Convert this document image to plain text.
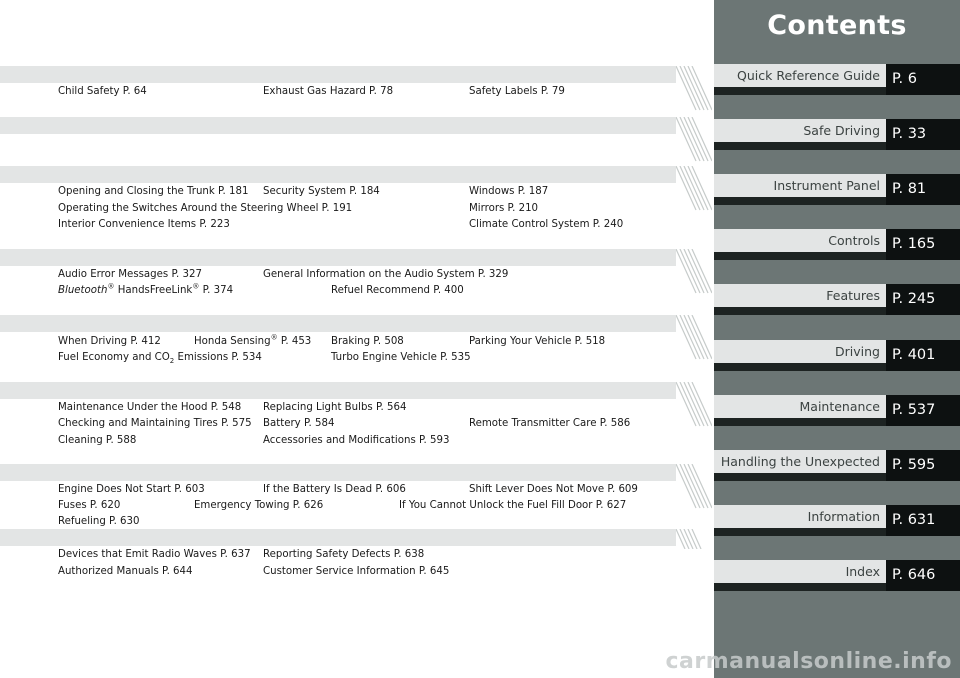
Child Safety P. 64	Exhaust Gas Hazard P. 78	Safety Labels P. 79
Opening and Closing the Trunk P. 181 Security System P. 184	Windows P. 187
Operating the Switches Around the Steering Wheel P. 191	Mirrors P. 210
Interior Convenience Items P. 223	Climate Control System P. 240
Audio Error Messages P. 327	General Information on the Audio System P. 329
Bluetooth® HandsFreeLink® P. 374	Refuel Recommend P. 400
When Driving P. 412	Honda Sensing® P. 453 Braking P. 508	Parking Your Vehicle P. 518
Fuel Economy and $CO_2$ Emissions P. 534	Turbo Engine Vehicle P. 535
Maintenance Under the Hood P. 548 Replacing Light Bulbs P. 564
Checking and Maintaining Tires P. 575 Battery P. 584	Remote Transmitter Care P. 586
Cleaning P. 588	Accessories and Modifications P. 593
Engine Does Not Start P. 603	If the Battery Is Dead P. 606	Shift Lever Does Not Move P. 609
Fuses P. 620	Emergency Towing P. 626	If You Cannot Unlock the Fuel Fill Door P. 627
Refueling P. 630
Devices that Emit Radio Waves P. 637 Reporting Safety Defects P. 638
Authorized Manuals P. 644	Customer Service Information P. 645
Contents
Quick Reference Guide P. 6
Safe Driving P. 33
Instrument Panel P. 81
Controls P. 165
Features P. 245
Driving P. 401
Maintenance P. 537
Handling the Unexpected P. 595
Information P. 631
Index P. 646
carmanualsonline.info
